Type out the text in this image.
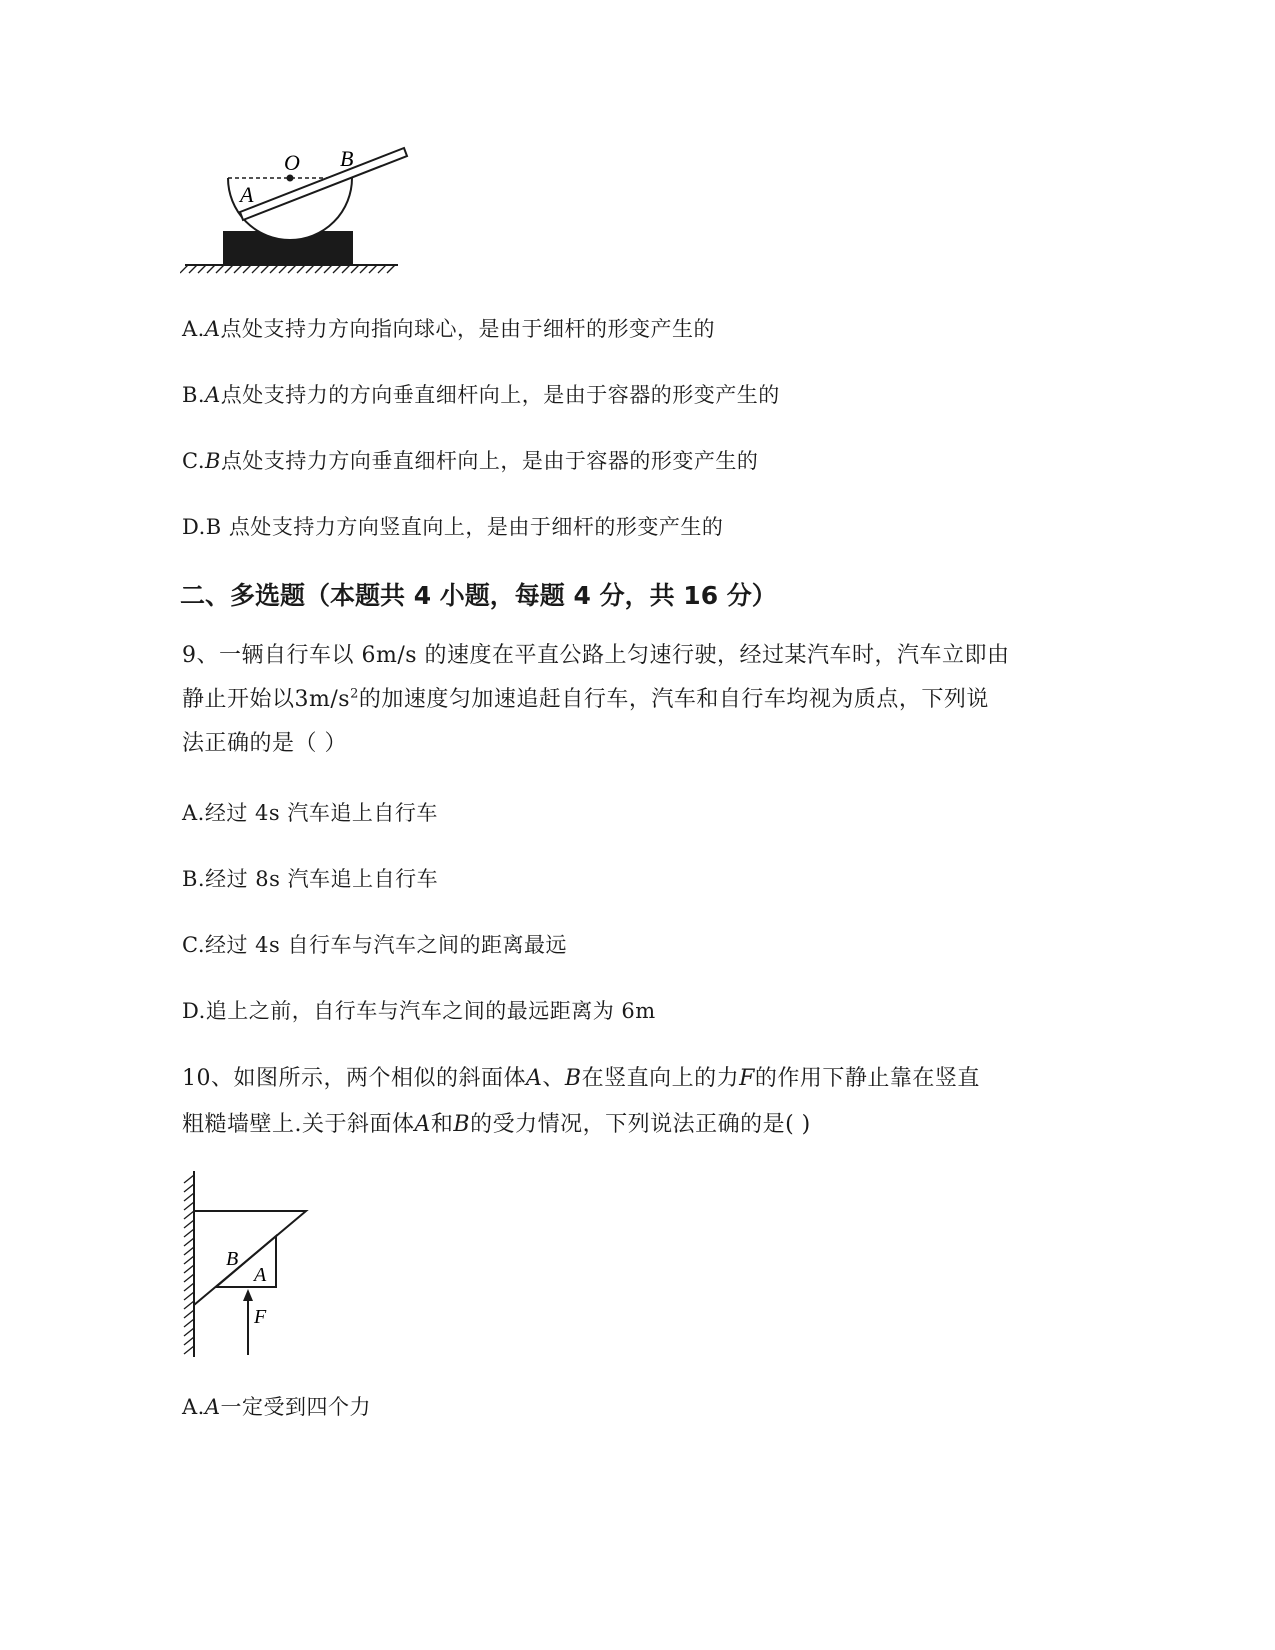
O B
A
A.A点处支持力方向指向球心，是由于细杆的形变产生的
B.A点处支持力的方向垂直细杆向上，是由于容器的形变产生的
C.B点处支持力方向垂直细杆向上，是由于容器的形变产生的
D.B 点处支持力方向竖直向上，是由于细杆的形变产生的
二、多选题（本题共 4 小题，每题 4 分，共 16 分）
9、一辆自行车以 6m/s 的速度在平直公路上匀速行驶，经过某汽车时，汽车立即由
静止开始以$3m/s^2$的加速度匀加速追赶自行车，汽车和自行车均视为质点，下列说
法正确的是（ ）
A.经过 4s 汽车追上自行车
B.经过 8s 汽车追上自行车
C.经过 4s 自行车与汽车之间的距离最远
D.追上之前，自行车与汽车之间的最远距离为 6m
10、如图所示，两个相似的斜面体A、B在竖直向上的力F的作用下静止靠在竖直
粗糙墙壁上.关于斜面体A和B的受力情况，下列说法正确的是( )
B
A
F
A.A一定受到四个力
